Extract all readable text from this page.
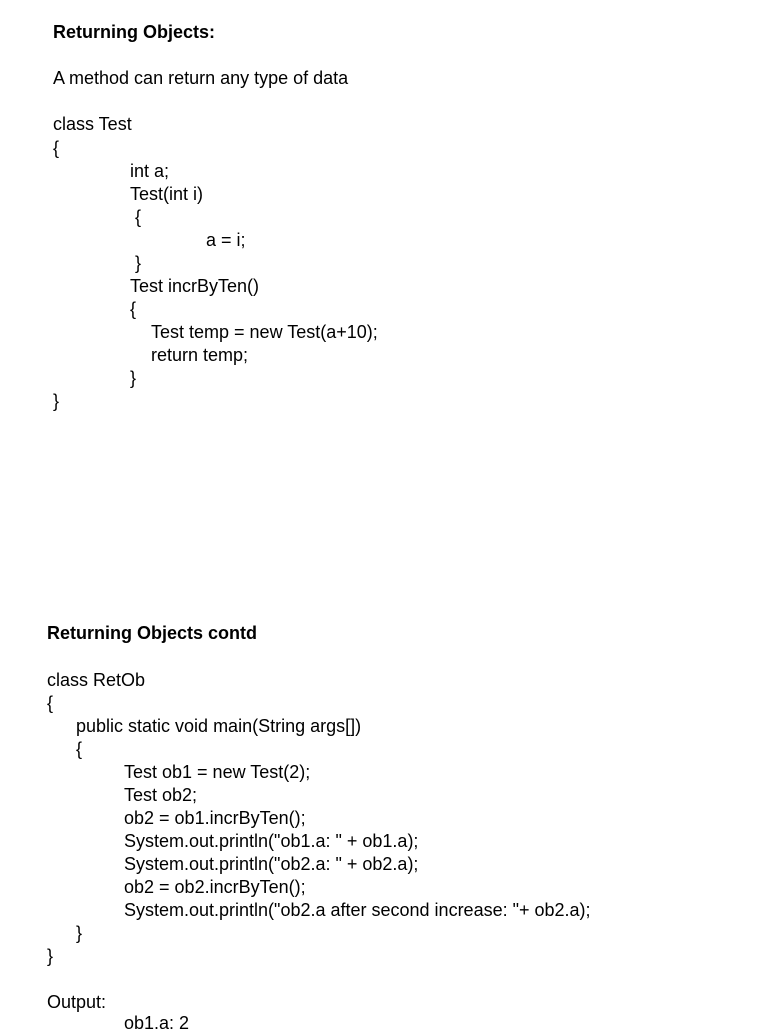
Returning Objects:

A method can return any type of data

class Test

{

int a;

Test(int i)

{

a = i;

}

Test incrByTen()

{

Test temp = new Test(a+10);

return temp;

}

}

Returning Objects contd

class RetOb

{

public static void main(String args[])

{

Test ob1 = new Test(2);

Test ob2;

ob2 = ob1.incrByTen();

System.out.println("ob1.a: " + ob1.a);

System.out.println("ob2.a: " + ob2.a);

ob2 = ob2.incrByTen();

System.out.println("ob2.a after second increase: "+ ob2.a);

}

}

Output:

ob1.a: 2
